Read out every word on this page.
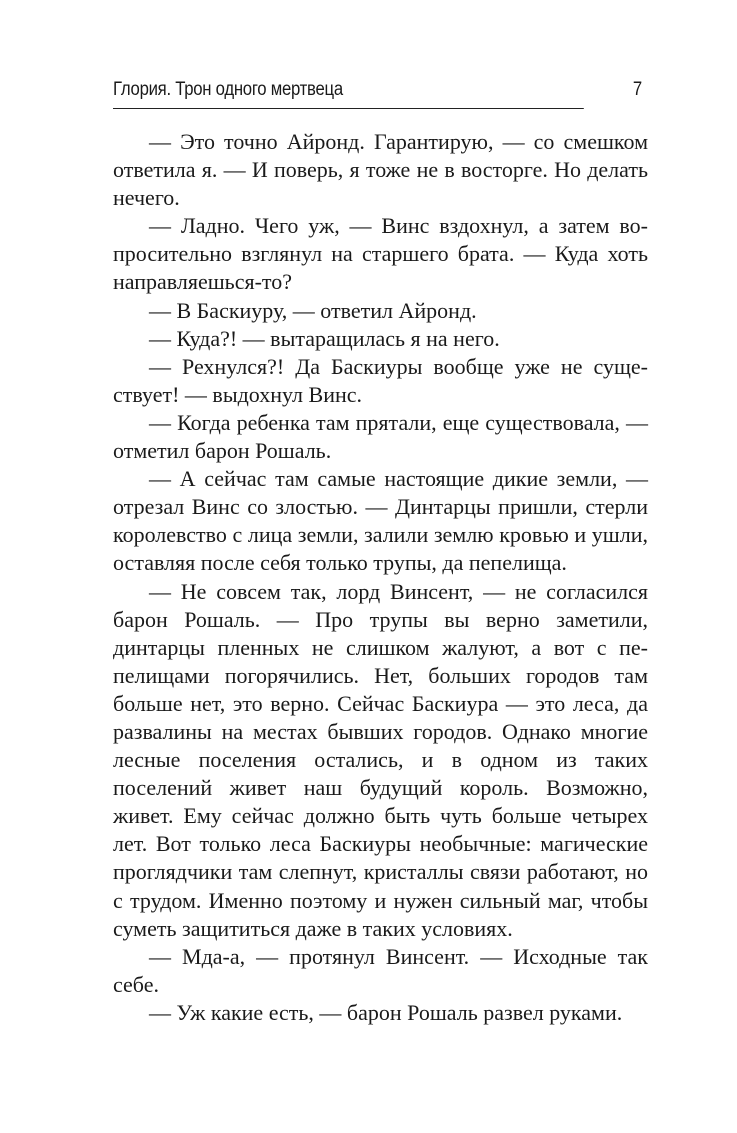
Глория. Трон одного мертвеца	7

— Это точно Айронд. Гарантирую, — со смешком ответила я. — И поверь, я тоже не в восторге. Но делать нечего.

— Ладно. Чего уж, — Винс вздохнул, а затем вопросительно взглянул на старшего брата. — Куда хоть направляешься-то?

— В Баскиуру, — ответил Айронд.

— Куда?! — вытаращилась я на него.

— Рехнулся?! Да Баскиуры вообще уже не существует! — выдохнул Винс.

— Когда ребенка там прятали, еще существовала, — отметил барон Рошаль.

— А сейчас там самые настоящие дикие земли, — отрезал Винс со злостью. — Динтарцы пришли, стерли королевство с лица земли, залили землю кровью и ушли, оставляя после себя только трупы, да пепелища.

— Не совсем так, лорд Винсент, — не согласился барон Рошаль. — Про трупы вы верно заметили, динтарцы пленных не слишком жалуют, а вот с пепелищами погорячились. Нет, больших городов там больше нет, это верно. Сейчас Баскиура — это леса, да развалины на местах бывших городов. Однако многие лесные поселения остались, и в одном из таких поселений живет наш будущий король. Возможно, живет. Ему сейчас должно быть чуть больше четырех лет. Вот только леса Баскиуры необычные: магические проглядчики там слепнут, кристаллы связи работают, но с трудом. Именно поэтому и нужен сильный маг, чтобы суметь защититься даже в таких условиях.

— Мда-а, — протянул Винсент. — Исходные так себе.

— Уж какие есть, — барон Рошаль развел руками.
